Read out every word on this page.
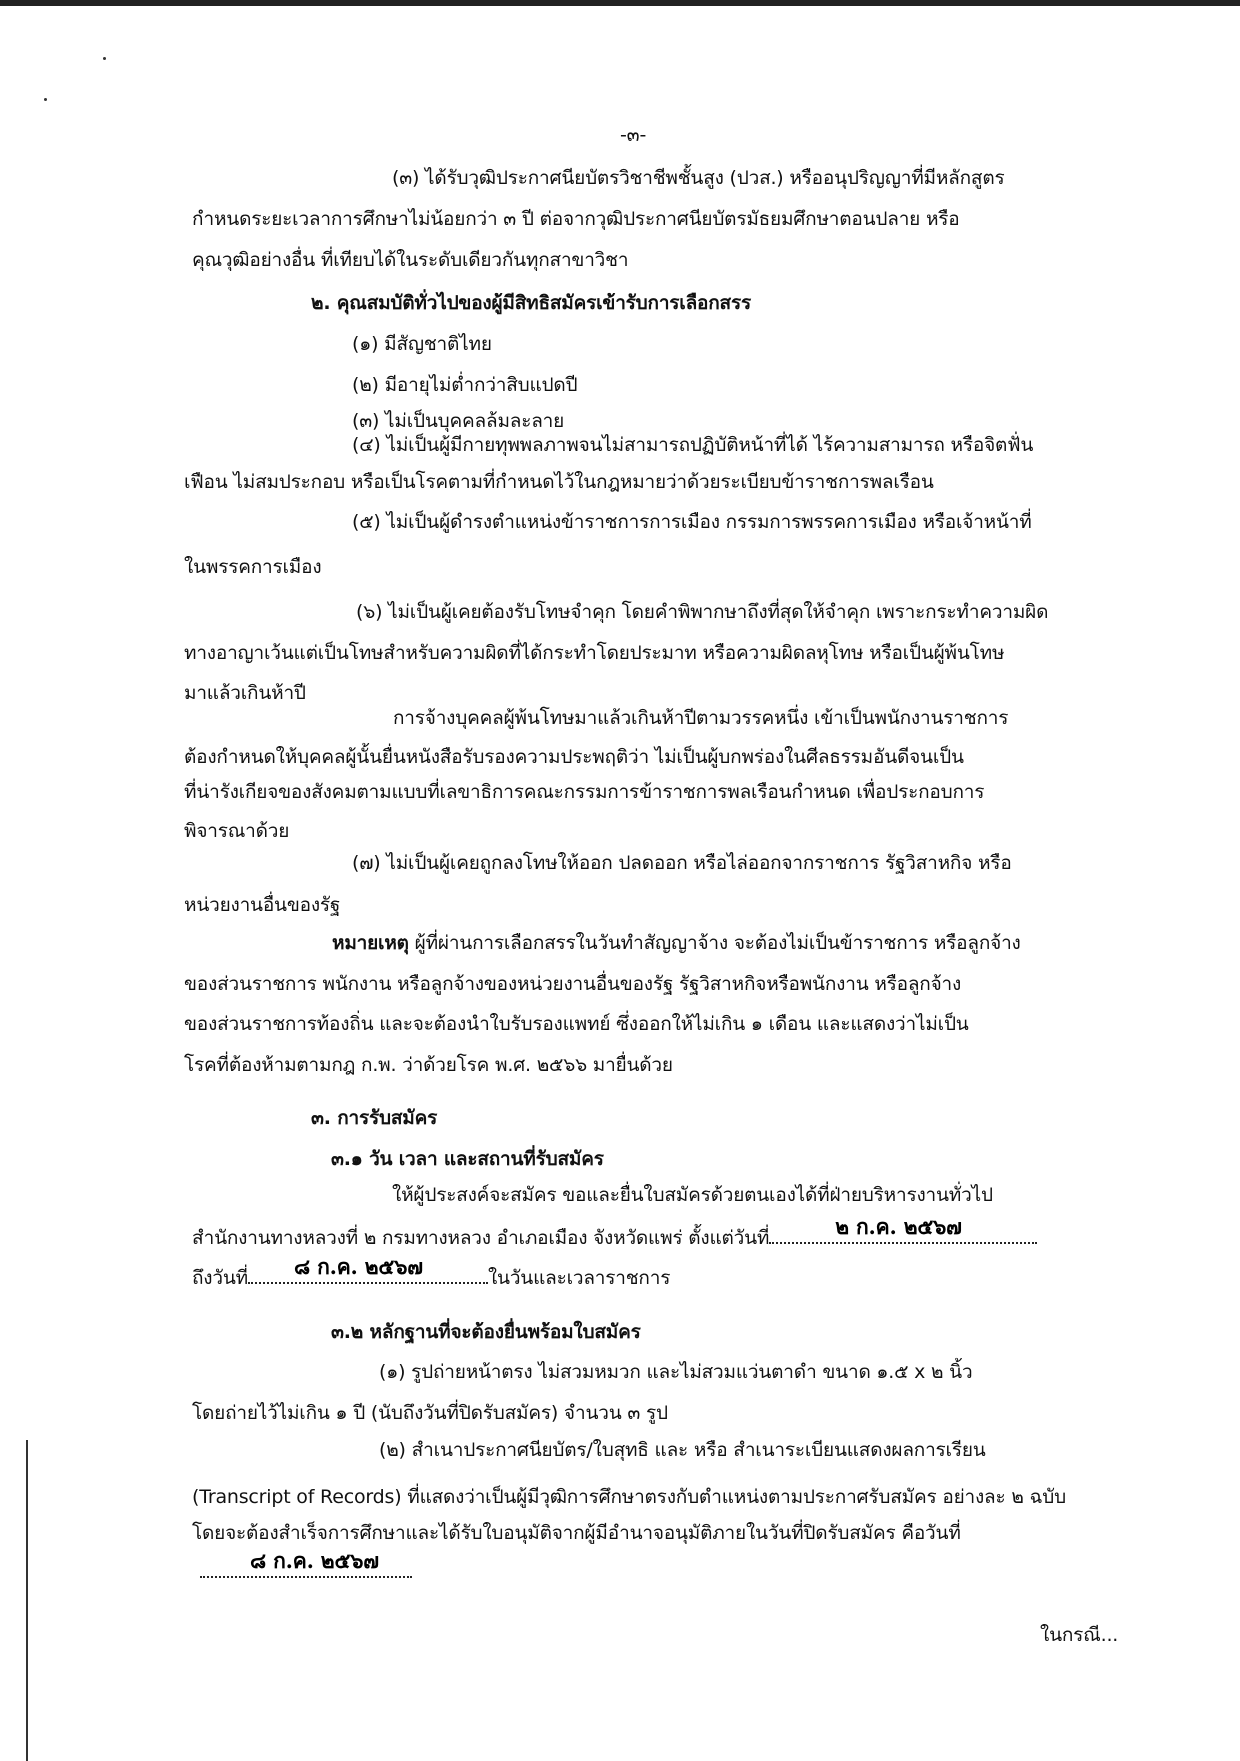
-๓-
(๓) ได้รับวุฒิประกาศนียบัตรวิชาชีพชั้นสูง (ปวส.) หรืออนุปริญญาที่มีหลักสูตร
กำหนดระยะเวลาการศึกษาไม่น้อยกว่า ๓ ปี ต่อจากวุฒิประกาศนียบัตรมัธยมศึกษาตอนปลาย หรือ
คุณวุฒิอย่างอื่น ที่เทียบได้ในระดับเดียวกันทุกสาขาวิชา
๒. คุณสมบัติทั่วไปของผู้มีสิทธิสมัครเข้ารับการเลือกสรร
(๑) มีสัญชาติไทย
(๒) มีอายุไม่ต่ำกว่าสิบแปดปี
(๓) ไม่เป็นบุคคลล้มละลาย
(๔) ไม่เป็นผู้มีกายทุพพลภาพจนไม่สามารถปฏิบัติหน้าที่ได้ ไร้ความสามารถ หรือจิตฟั่น
เฟือน ไม่สมประกอบ หรือเป็นโรคตามที่กำหนดไว้ในกฎหมายว่าด้วยระเบียบข้าราชการพลเรือน
(๕) ไม่เป็นผู้ดำรงตำแหน่งข้าราชการการเมือง กรรมการพรรคการเมือง หรือเจ้าหน้าที่
ในพรรคการเมือง
(๖) ไม่เป็นผู้เคยต้องรับโทษจำคุก โดยคำพิพากษาถึงที่สุดให้จำคุก เพราะกระทำความผิด
ทางอาญาเว้นแต่เป็นโทษสำหรับความผิดที่ได้กระทำโดยประมาท หรือความผิดลหุโทษ หรือเป็นผู้พ้นโทษ
มาแล้วเกินห้าปี
การจ้างบุคคลผู้พ้นโทษมาแล้วเกินห้าปีตามวรรคหนึ่ง เข้าเป็นพนักงานราชการ
ต้องกำหนดให้บุคคลผู้นั้นยื่นหนังสือรับรองความประพฤติว่า ไม่เป็นผู้บกพร่องในศีลธรรมอันดีจนเป็น
ที่น่ารังเกียจของสังคมตามแบบที่เลขาธิการคณะกรรมการข้าราชการพลเรือนกำหนด เพื่อประกอบการ
พิจารณาด้วย
(๗) ไม่เป็นผู้เคยถูกลงโทษให้ออก ปลดออก หรือไล่ออกจากราชการ รัฐวิสาหกิจ หรือ
หน่วยงานอื่นของรัฐ
หมายเหตุ ผู้ที่ผ่านการเลือกสรรในวันทำสัญญาจ้าง จะต้องไม่เป็นข้าราชการ หรือลูกจ้าง
ของส่วนราชการ พนักงาน หรือลูกจ้างของหน่วยงานอื่นของรัฐ รัฐวิสาหกิจหรือพนักงาน หรือลูกจ้าง
ของส่วนราชการท้องถิ่น และจะต้องนำใบรับรองแพทย์ ซึ่งออกให้ไม่เกิน ๑ เดือน และแสดงว่าไม่เป็น
โรคที่ต้องห้ามตามกฎ ก.พ. ว่าด้วยโรค พ.ศ. ๒๕๖๖ มายื่นด้วย
๓. การรับสมัคร
๓.๑ วัน เวลา และสถานที่รับสมัคร
ให้ผู้ประสงค์จะสมัคร ขอและยื่นใบสมัครด้วยตนเองได้ที่ฝ่ายบริหารงานทั่วไป
สำนักงานทางหลวงที่ ๒ กรมทางหลวง อำเภอเมือง จังหวัดแพร่ ตั้งแต่วันที่	๒ ก.ค. ๒๕๖๗
ถึงวันที่ ๘ ก.ค. ๒๕๖๗	ในวันและเวลาราชการ
๓.๒ หลักฐานที่จะต้องยื่นพร้อมใบสมัคร
(๑) รูปถ่ายหน้าตรง ไม่สวมหมวก และไม่สวมแว่นตาดำ ขนาด ๑.๕ x ๒ นิ้ว
โดยถ่ายไว้ไม่เกิน ๑ ปี (นับถึงวันที่ปิดรับสมัคร) จำนวน ๓ รูป
(๒) สำเนาประกาศนียบัตร/ใบสุทธิ และ หรือ สำเนาระเบียนแสดงผลการเรียน
(Transcript of Records) ที่แสดงว่าเป็นผู้มีวุฒิการศึกษาตรงกับตำแหน่งตามประกาศรับสมัคร อย่างละ ๒ ฉบับ
โดยจะต้องสำเร็จการศึกษาและได้รับใบอนุมัติจากผู้มีอำนาจอนุมัติภายในวันที่ปิดรับสมัคร คือวันที่
๘ ก.ค. ๒๕๖๗
ในกรณี...
